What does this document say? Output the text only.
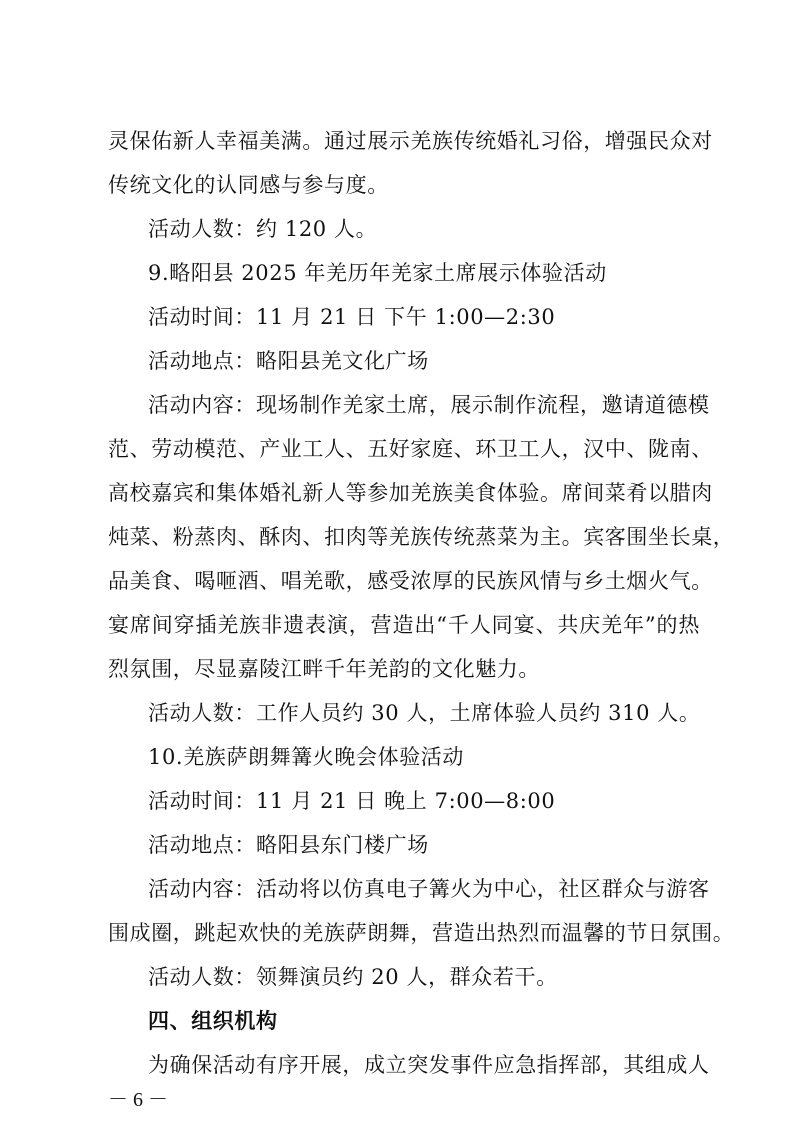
灵保佑新人幸福美满。通过展示羌族传统婚礼习俗，增强民众对
传统文化的认同感与参与度。
活动人数：约 120 人。
9.略阳县 2025 年羌历年羌家土席展示体验活动
活动时间：11 月 21 日 下午 1:00—2:30
活动地点：略阳县羌文化广场
活动内容：现场制作羌家土席，展示制作流程，邀请道德模
范、劳动模范、产业工人、五好家庭、环卫工人，汉中、陇南、
高校嘉宾和集体婚礼新人等参加羌族美食体验。席间菜肴以腊肉
炖菜、粉蒸肉、酥肉、扣肉等羌族传统蒸菜为主。宾客围坐长桌，
品美食、喝咂酒、唱羌歌，感受浓厚的民族风情与乡土烟火气。
宴席间穿插羌族非遗表演，营造出“千人同宴、共庆羌年”的热
烈氛围，尽显嘉陵江畔千年羌韵的文化魅力。
活动人数：工作人员约 30 人，土席体验人员约 310 人。
10.羌族萨朗舞篝火晚会体验活动
活动时间：11 月 21 日 晚上 7:00—8:00
活动地点：略阳县东门楼广场
活动内容：活动将以仿真电子篝火为中心，社区群众与游客
围成圈，跳起欢快的羌族萨朗舞，营造出热烈而温馨的节日氛围。
活动人数：领舞演员约 20 人，群众若干。
四、组织机构
为确保活动有序开展，成立突发事件应急指挥部，其组成人
－ 6 －
